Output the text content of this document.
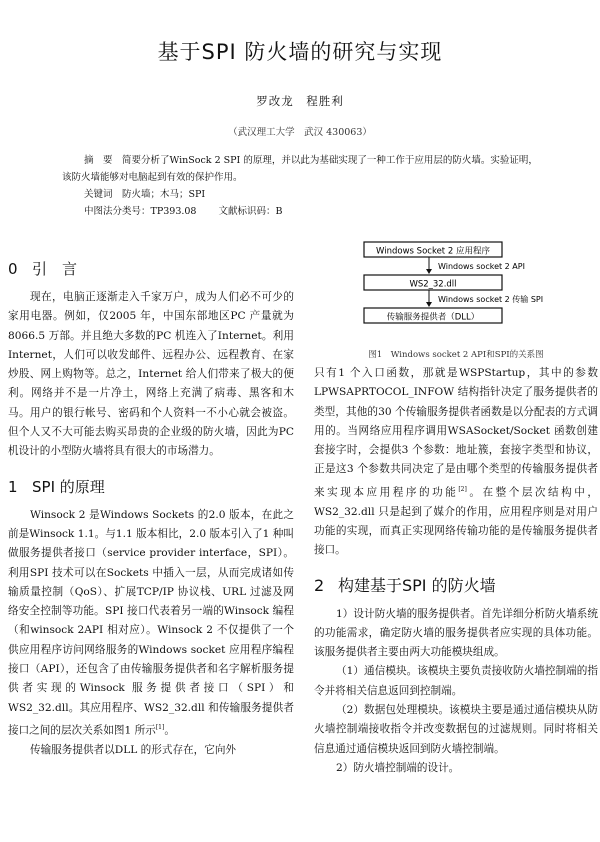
基于SPI 防火墙的研究与实现
罗改龙　程胜利
（武汉理工大学　武汉 430063）

摘　要　简要分析了WinSock 2 SPI 的原理，并以此为基础实现了一种工作于应用层的防火墙。实验证明，该防火墙能够对电脑起到有效的保护作用。

关键词　防火墙；木马；SPI

中图法分类号：TP393.08 文献标识码：B

0 引　言

现在，电脑正逐渐走入千家万户，成为人们必不可少的家用电器。例如，仅2005 年，中国东部地区PC 产量就为8066.5 万部。并且绝大多数的PC 机连入了Internet。利用Internet，人们可以收发邮件、远程办公、远程教育、在家炒股、网上购物等。总之，Internet 给人们带来了极大的便利。网络并不是一片净土，网络上充满了病毒、黑客和木马。用户的银行帐号、密码和个人资料一不小心就会被盗。但个人又不大可能去购买昂贵的企业级的防火墙，因此为PC 机设计的小型防火墙将具有很大的市场潜力。

1 SPI 的原理

Winsock 2 是Windows Sockets 的2.0 版本，在此之前是Winsock 1.1。与1.1 版本相比，2.0 版本引入了1 种叫做服务提供者接口（service provider interface，SPI）。利用SPI 技术可以在Sockets 中插入一层，从而完成诸如传输质量控制（QoS）、扩展TCP/IP 协议栈、URL 过滤及网络安全控制等功能。SPI 接口代表着另一端的Winsock 编程（和winsock 2API 相对应）。Winsock 2 不仅提供了一个供应用程序访问网络服务的Windows socket 应用程序编程接口（API），还包含了由传输服务提供者和名字解析服务提供者实现的Winsock 服务提供者接口（SPI）和WS2_32.dll。其应用程序、WS2_32.dll 和传输服务提供者接口之间的层次关系如图1 所示[1]。

传输服务提供者以DLL 的形式存在，它向外

Windows Socket 2 应用程序
Windows socket 2 API
WS2_32.dll
Windows socket 2 传输 SPI
传输服务提供者（DLL）
图1　Windows socket 2 API和SPI的关系图

只有1 个入口函数，那就是WSPStartup，其中的参数LPWSAPRTOCOL_INFOW 结构指针决定了服务提供者的类型，其他的30 个传输服务提供者函数是以分配表的方式调用的。当网络应用程序调用WSASocket/Socket 函数创建套接字时，会提供3 个参数：地址簇，套接字类型和协议，正是这3 个参数共同决定了是由哪个类型的传输服务提供者来实现本应用程序的功能[2]。在整个层次结构中，WS2_32.dll 只是起到了媒介的作用，应用程序则是对用户功能的实现，而真正实现网络传输功能的是传输服务提供者接口。

2 构建基于SPI 的防火墙

1）设计防火墙的服务提供者。首先详细分析防火墙系统的功能需求，确定防火墙的服务提供者应实现的具体功能。该服务提供者主要由两大功能模块组成。

（1）通信模块。该模块主要负责接收防火墙控制端的指令并将相关信息返回到控制端。

（2）数据包处理模块。该模块主要是通过通信模块从防火墙控制端接收指令并改变数据包的过滤规则。同时将相关信息通过通信模块返回到防火墙控制端。

2）防火墙控制端的设计。
